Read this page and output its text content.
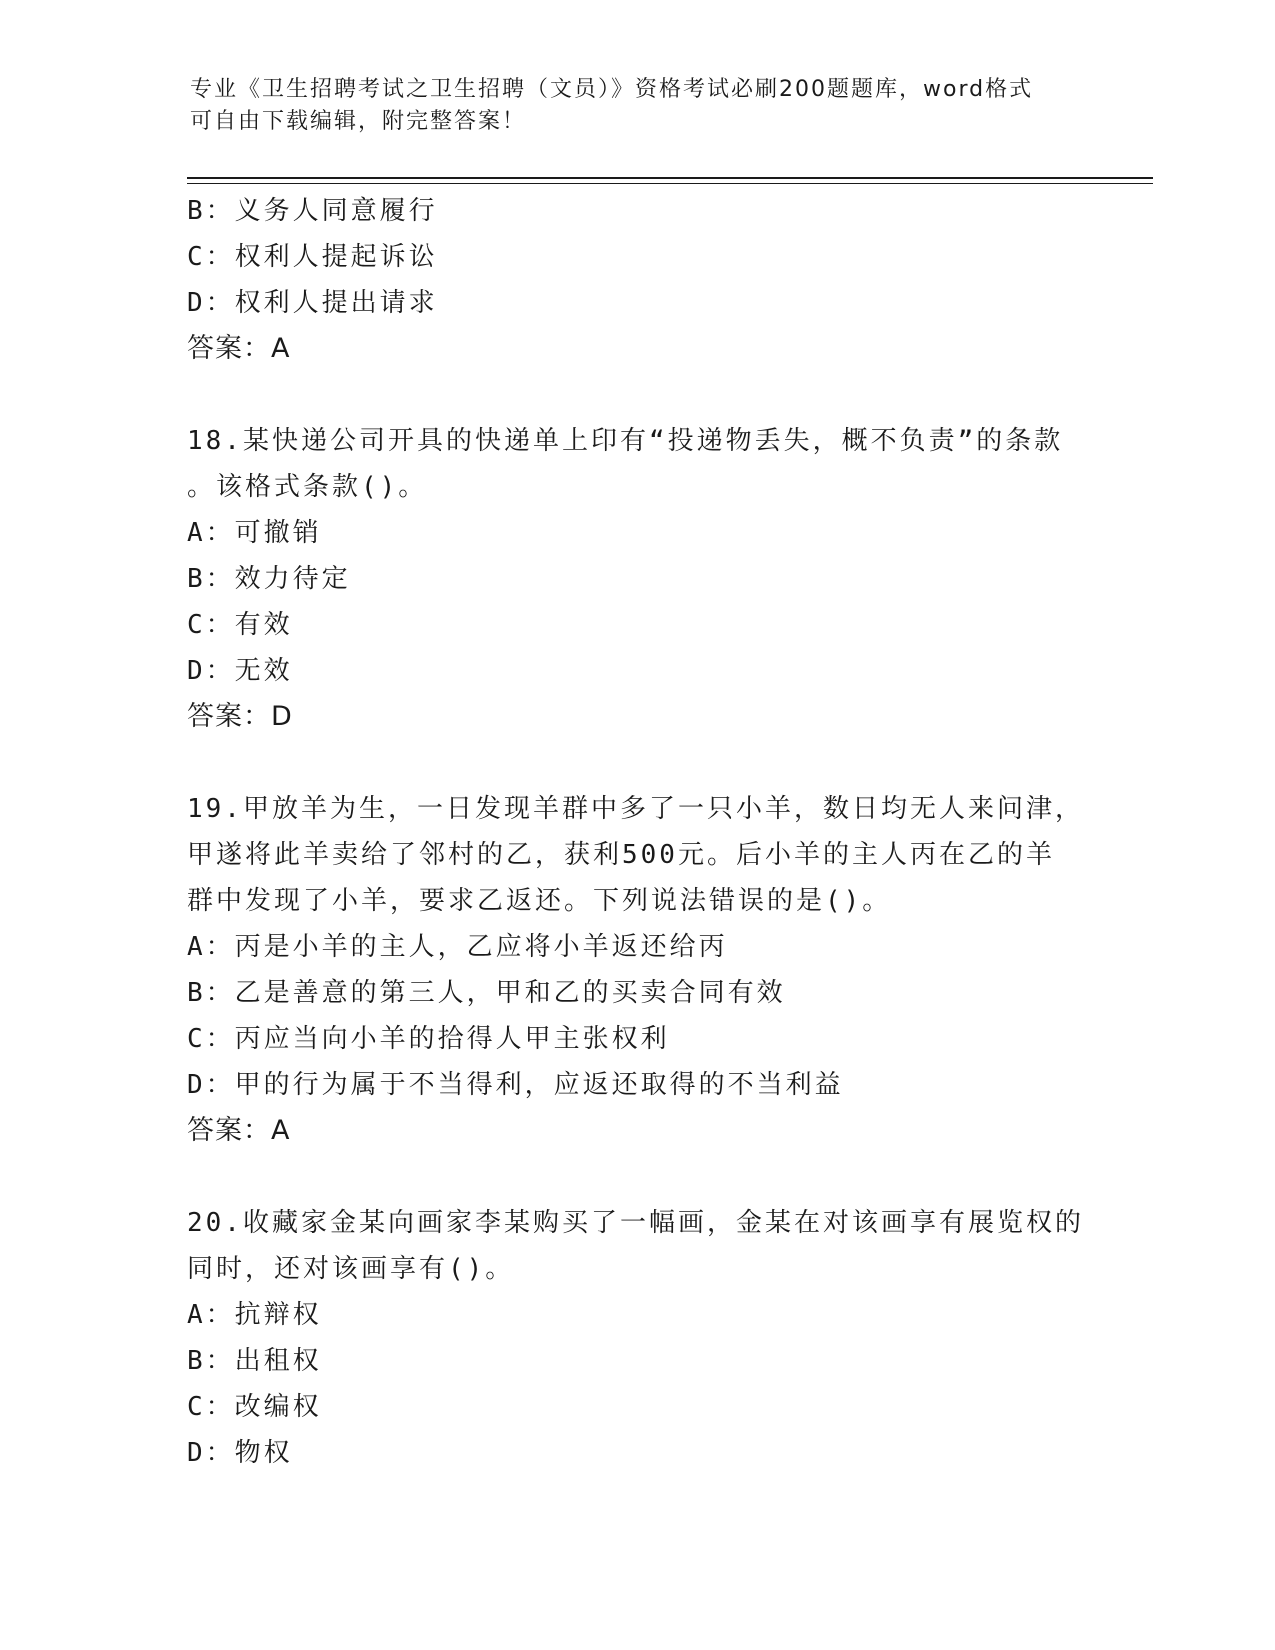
专业《卫生招聘考试之卫生招聘（文员）》资格考试必刷200题题库，word格式
可自由下载编辑，附完整答案！
B：义务人同意履行
C：权利人提起诉讼
D：权利人提出请求
答案：A
18.某快递公司开具的快递单上印有“投递物丢失，概不负责”的条款
。该格式条款()。
A：可撤销
B：效力待定
C：有效
D：无效
答案：D
19.甲放羊为生，一日发现羊群中多了一只小羊，数日均无人来问津，
甲遂将此羊卖给了邻村的乙，获利500元。后小羊的主人丙在乙的羊
群中发现了小羊，要求乙返还。下列说法错误的是()。
A：丙是小羊的主人，乙应将小羊返还给丙
B：乙是善意的第三人，甲和乙的买卖合同有效
C：丙应当向小羊的拾得人甲主张权利
D：甲的行为属于不当得利，应返还取得的不当利益
答案：A
20.收藏家金某向画家李某购买了一幅画，金某在对该画享有展览权的
同时，还对该画享有()。
A：抗辩权
B：出租权
C：改编权
D：物权
